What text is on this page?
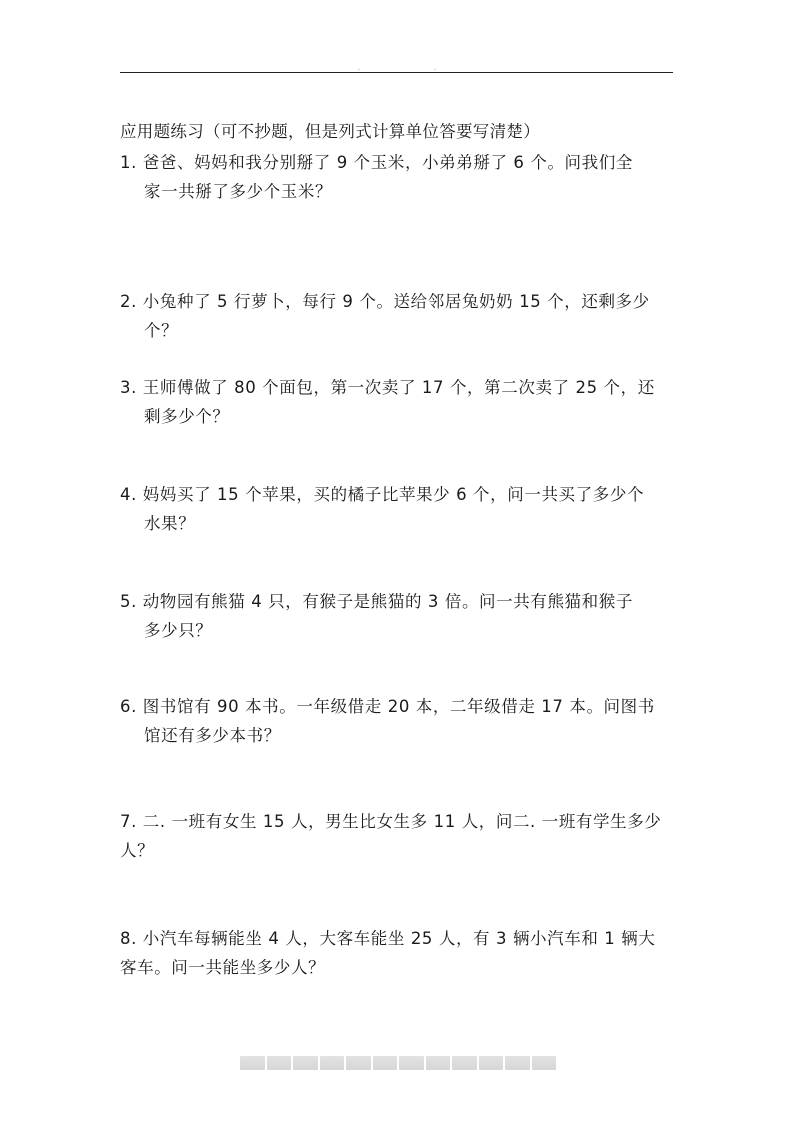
.	.
应用题练习（可不抄题，但是列式计算单位答要写清楚）
1. 爸爸、妈妈和我分别掰了 9 个玉米，小弟弟掰了 6 个。问我们全
家一共掰了多少个玉米？
2. 小兔种了 5 行萝卜，每行 9 个。送给邻居兔奶奶 15 个，还剩多少
个？
3. 王师傅做了 80 个面包，第一次卖了 17 个，第二次卖了 25 个，还
剩多少个？
4. 妈妈买了 15 个苹果，买的橘子比苹果少 6 个，问一共买了多少个
水果？
5. 动物园有熊猫 4 只，有猴子是熊猫的 3 倍。问一共有熊猫和猴子
多少只？
6. 图书馆有 90 本书。一年级借走 20 本，二年级借走 17 本。问图书
馆还有多少本书？
7. 二. 一班有女生 15 人，男生比女生多 11 人，问二. 一班有学生多少
人？
8. 小汽车每辆能坐 4 人，大客车能坐 25 人，有 3 辆小汽车和 1 辆大
客车。问一共能坐多少人？
